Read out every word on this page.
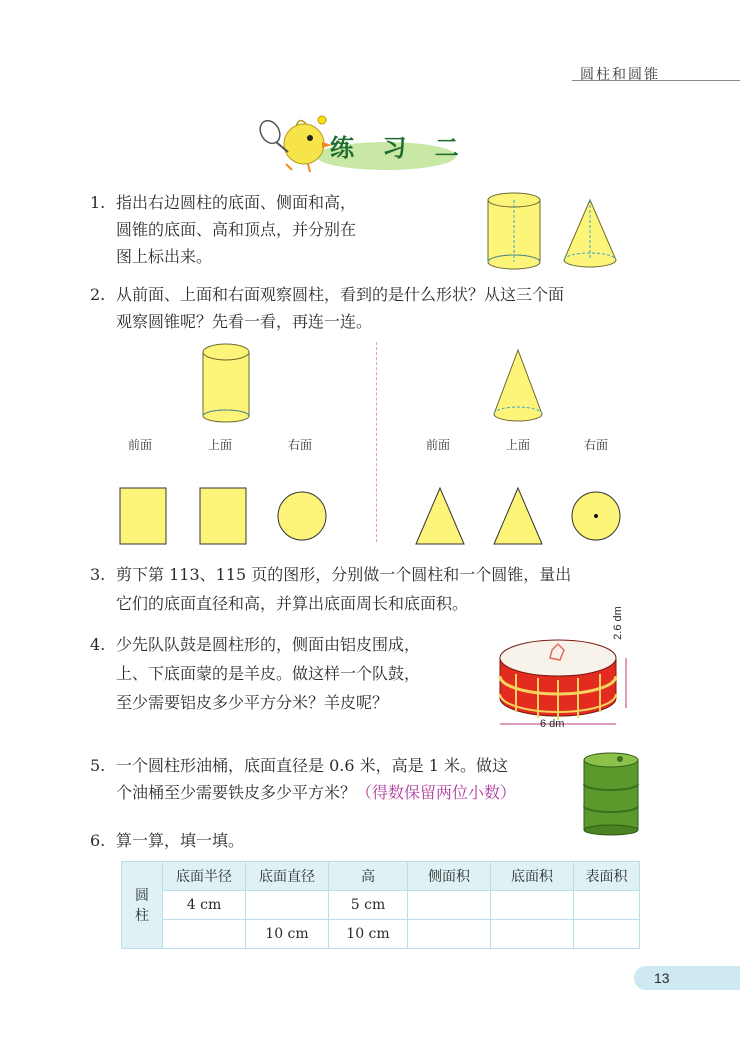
圆柱和圆锥
练 习 二
1. 指出右边圆柱的底面、侧面和高，
圆锥的底面、高和顶点，并分别在
图上标出来。
2. 从前面、上面和右面观察圆柱，看到的是什么形状？从这三个面
观察圆锥呢？先看一看，再连一连。
前面	上面	右面	前面	上面	右面
3. 剪下第 113、115 页的图形，分别做一个圆柱和一个圆锥，量出
它们的底面直径和高，并算出底面周长和底面积。
4. 少先队队鼓是圆柱形的，侧面由铝皮围成，
上、下底面蒙的是羊皮。做这样一个队鼓，
至少需要铝皮多少平方分米？羊皮呢？
2.6 dm
6 dm
5. 一个圆柱形油桶，底面直径是 0.6 米，高是 1 米。做这
个油桶至少需要铁皮多少平方米？（得数保留两位小数）
6. 算一算，填一填。
圆
柱	底面半径	底面直径	高	侧面积	底面积	表面积
	4 cm		5 cm			
		10 cm	10 cm			
13
